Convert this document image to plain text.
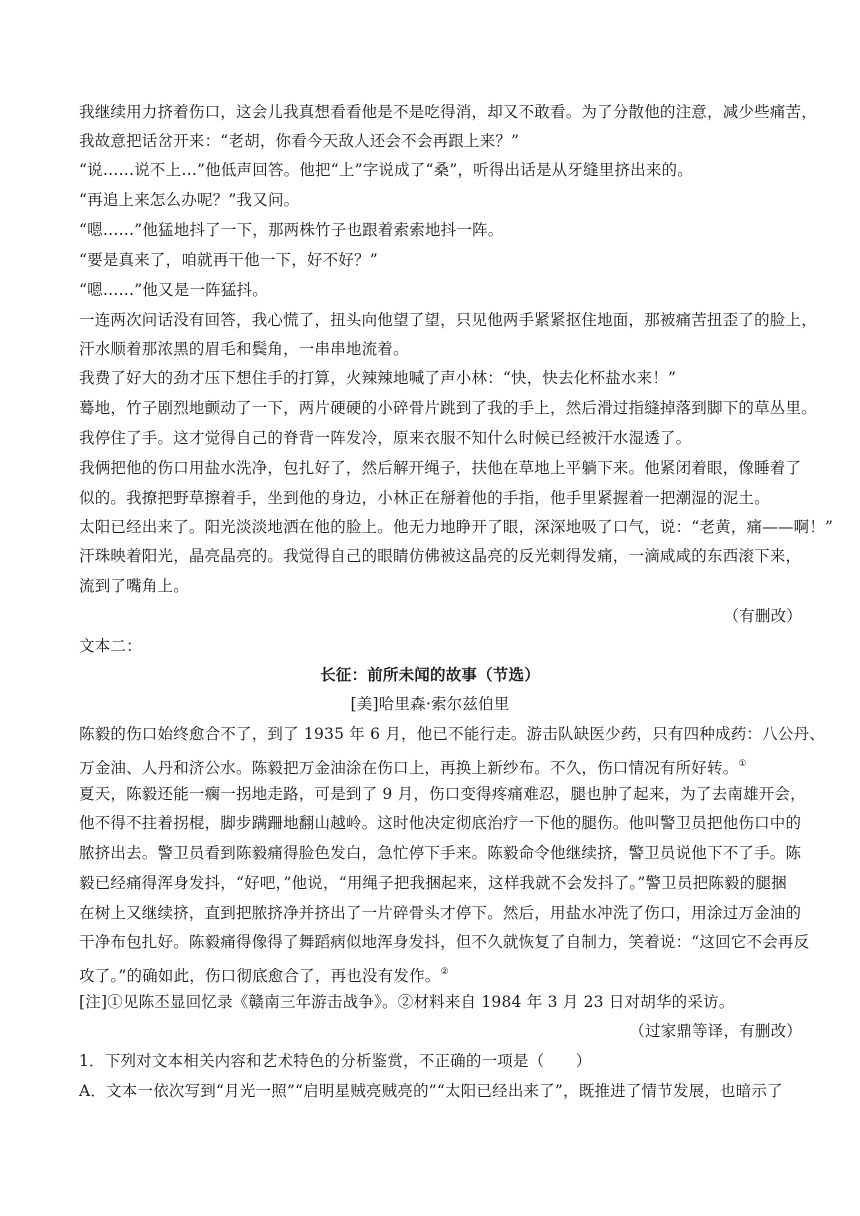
我继续用力挤着伤口，这会儿我真想看看他是不是吃得消，却又不敢看。为了分散他的注意，减少些痛苦，
我故意把话岔开来：“老胡，你看今天敌人还会不会再跟上来？”
“说……说不上…”他低声回答。他把“上”字说成了“桑”，听得出话是从牙缝里挤出来的。
“再追上来怎么办呢？”我又问。
“嗯……”他猛地抖了一下，那两株竹子也跟着索索地抖一阵。
“要是真来了，咱就再干他一下，好不好？”
“嗯……”他又是一阵猛抖。
一连两次问话没有回答，我心慌了，扭头向他望了望，只见他两手紧紧抠住地面，那被痛苦扭歪了的脸上，
汗水顺着那浓黑的眉毛和鬓角，一串串地流着。
我费了好大的劲才压下想住手的打算，火辣辣地喊了声小林：“快，快去化杯盐水来！”
蓦地，竹子剧烈地颤动了一下，两片硬硬的小碎骨片跳到了我的手上，然后滑过指缝掉落到脚下的草丛里。
我停住了手。这才觉得自己的脊背一阵发冷，原来衣服不知什么时候已经被汗水湿透了。
我俩把他的伤口用盐水洗净，包扎好了，然后解开绳子，扶他在草地上平躺下来。他紧闭着眼，像睡着了
似的。我撩把野草擦着手，坐到他的身边，小林正在掰着他的手指，他手里紧握着一把潮湿的泥土。
太阳已经出来了。阳光淡淡地洒在他的脸上。他无力地睁开了眼，深深地吸了口气，说：“老黄，痛——啊！”
汗珠映着阳光，晶亮晶亮的。我觉得自己的眼睛仿佛被这晶亮的反光刺得发痛，一滴咸咸的东西滚下来，
流到了嘴角上。
（有删改）
文本二：
长征：前所未闻的故事（节选）
[美]哈里森·索尔兹伯里
陈毅的伤口始终愈合不了，到了 1935 年 6 月，他已不能行走。游击队缺医少药，只有四种成药：八公丹、
万金油、人丹和济公水。陈毅把万金油涂在伤口上，再换上新纱布。不久，伤口情况有所好转。①
夏天，陈毅还能一瘸一拐地走路，可是到了 9 月，伤口变得疼痛难忍，腿也肿了起来，为了去南雄开会，
他不得不拄着拐棍，脚步蹒跚地翻山越岭。这时他决定彻底治疗一下他的腿伤。他叫警卫员把他伤口中的
脓挤出去。警卫员看到陈毅痛得脸色发白，急忙停下手来。陈毅命令他继续挤，警卫员说他下不了手。陈
毅已经痛得浑身发抖，“好吧，”他说，“用绳子把我捆起来，这样我就不会发抖了。”警卫员把陈毅的腿捆
在树上又继续挤，直到把脓挤净并挤出了一片碎骨头才停下。然后，用盐水冲洗了伤口，用涂过万金油的
干净布包扎好。陈毅痛得像得了舞蹈病似地浑身发抖，但不久就恢复了自制力，笑着说：“这回它不会再反
攻了。”的确如此，伤口彻底愈合了，再也没有发作。②
[注]①见陈丕显回忆录《赣南三年游击战争》。②材料来自 1984 年 3 月 23 日对胡华的采访。
（过家鼎等译，有删改）
1．下列对文本相关内容和艺术特色的分析鉴赏，不正确的一项是（　　）
A．文本一依次写到“月光一照”“启明星贼亮贼亮的”“太阳已经出来了”，既推进了情节发展，也暗示了
